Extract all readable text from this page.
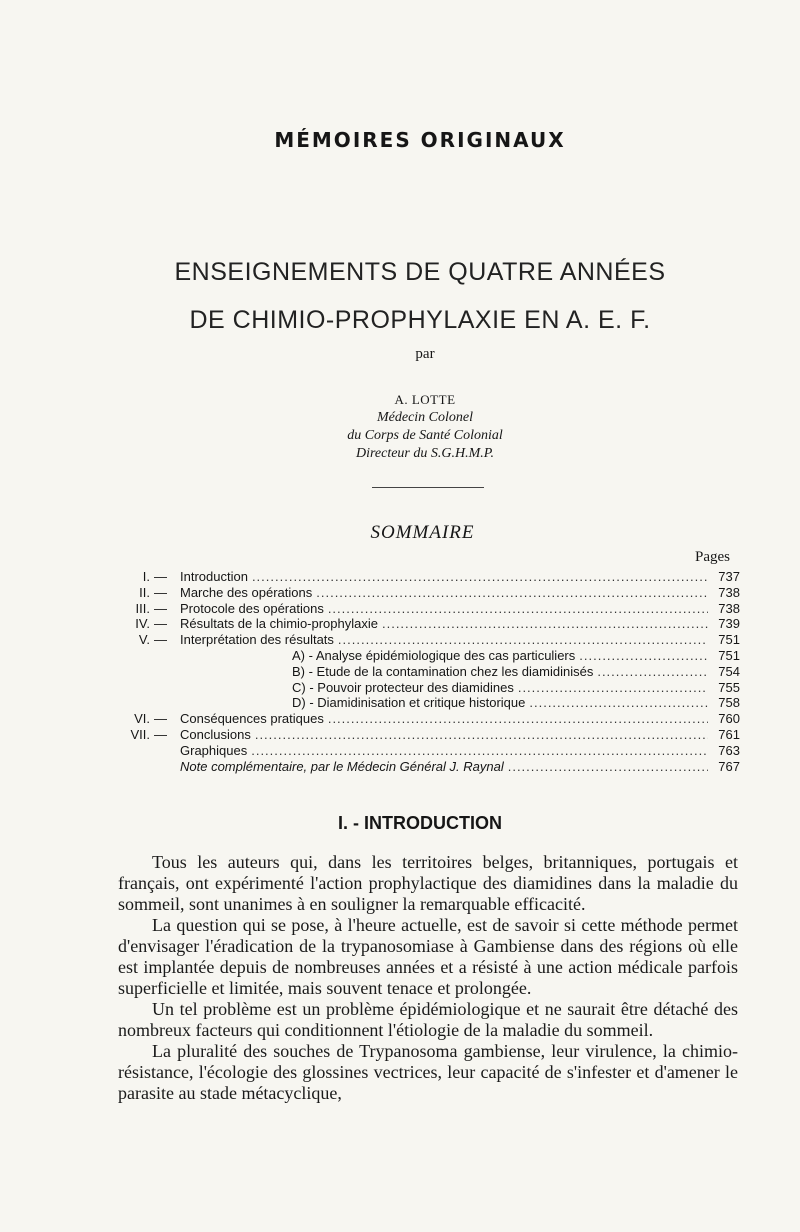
MÉMOIRES ORIGINAUX
ENSEIGNEMENTS DE QUATRE ANNÉES
DE CHIMIO-PROPHYLAXIE EN A. E. F.
par
A. LOTTE
Médecin Colonel
du Corps de Santé Colonial
Directeur du S.G.H.M.P.
SOMMAIRE
Pages
I. —	Introduction .....	737
II. —	Marche des opérations .....	738
III. —	Protocole des opérations .....	738
IV. —	Résultats de la chimio-prophylaxie .....	739
V. —	Interprétation des résultats .....	751
A) - Analyse épidémiologique des cas particuliers .....	751
B) - Etude de la contamination chez les diamidinisés .....	754
C) - Pouvoir protecteur des diamidines .....	755
D) - Diamidinisation et critique historique .....	758
VI. —	Conséquences pratiques .....	760
VII. —	Conclusions .....	761
Graphiques .....	763
Note complémentaire, par le Médecin Général J. Raynal .....	767
I. - INTRODUCTION

Tous les auteurs qui, dans les territoires belges, britanniques, portugais et français, ont expérimenté l'action prophylactique des diamidines dans la maladie du sommeil, sont unanimes à en souligner la remarquable efficacité.

La question qui se pose, à l'heure actuelle, est de savoir si cette méthode permet d'envisager l'éradication de la trypanosomiase à Gambiense dans des régions où elle est implantée depuis de nombreuses années et a résisté à une action médicale parfois superficielle et limitée, mais souvent tenace et prolongée.

Un tel problème est un problème épidémiologique et ne saurait être détaché des nombreux facteurs qui conditionnent l'étiologie de la maladie du sommeil.

La pluralité des souches de Trypanosoma gambiense, leur virulence, la chimio-résistance, l'écologie des glossines vectrices, leur capacité de s'infester et d'amener le parasite au stade métacyclique,
